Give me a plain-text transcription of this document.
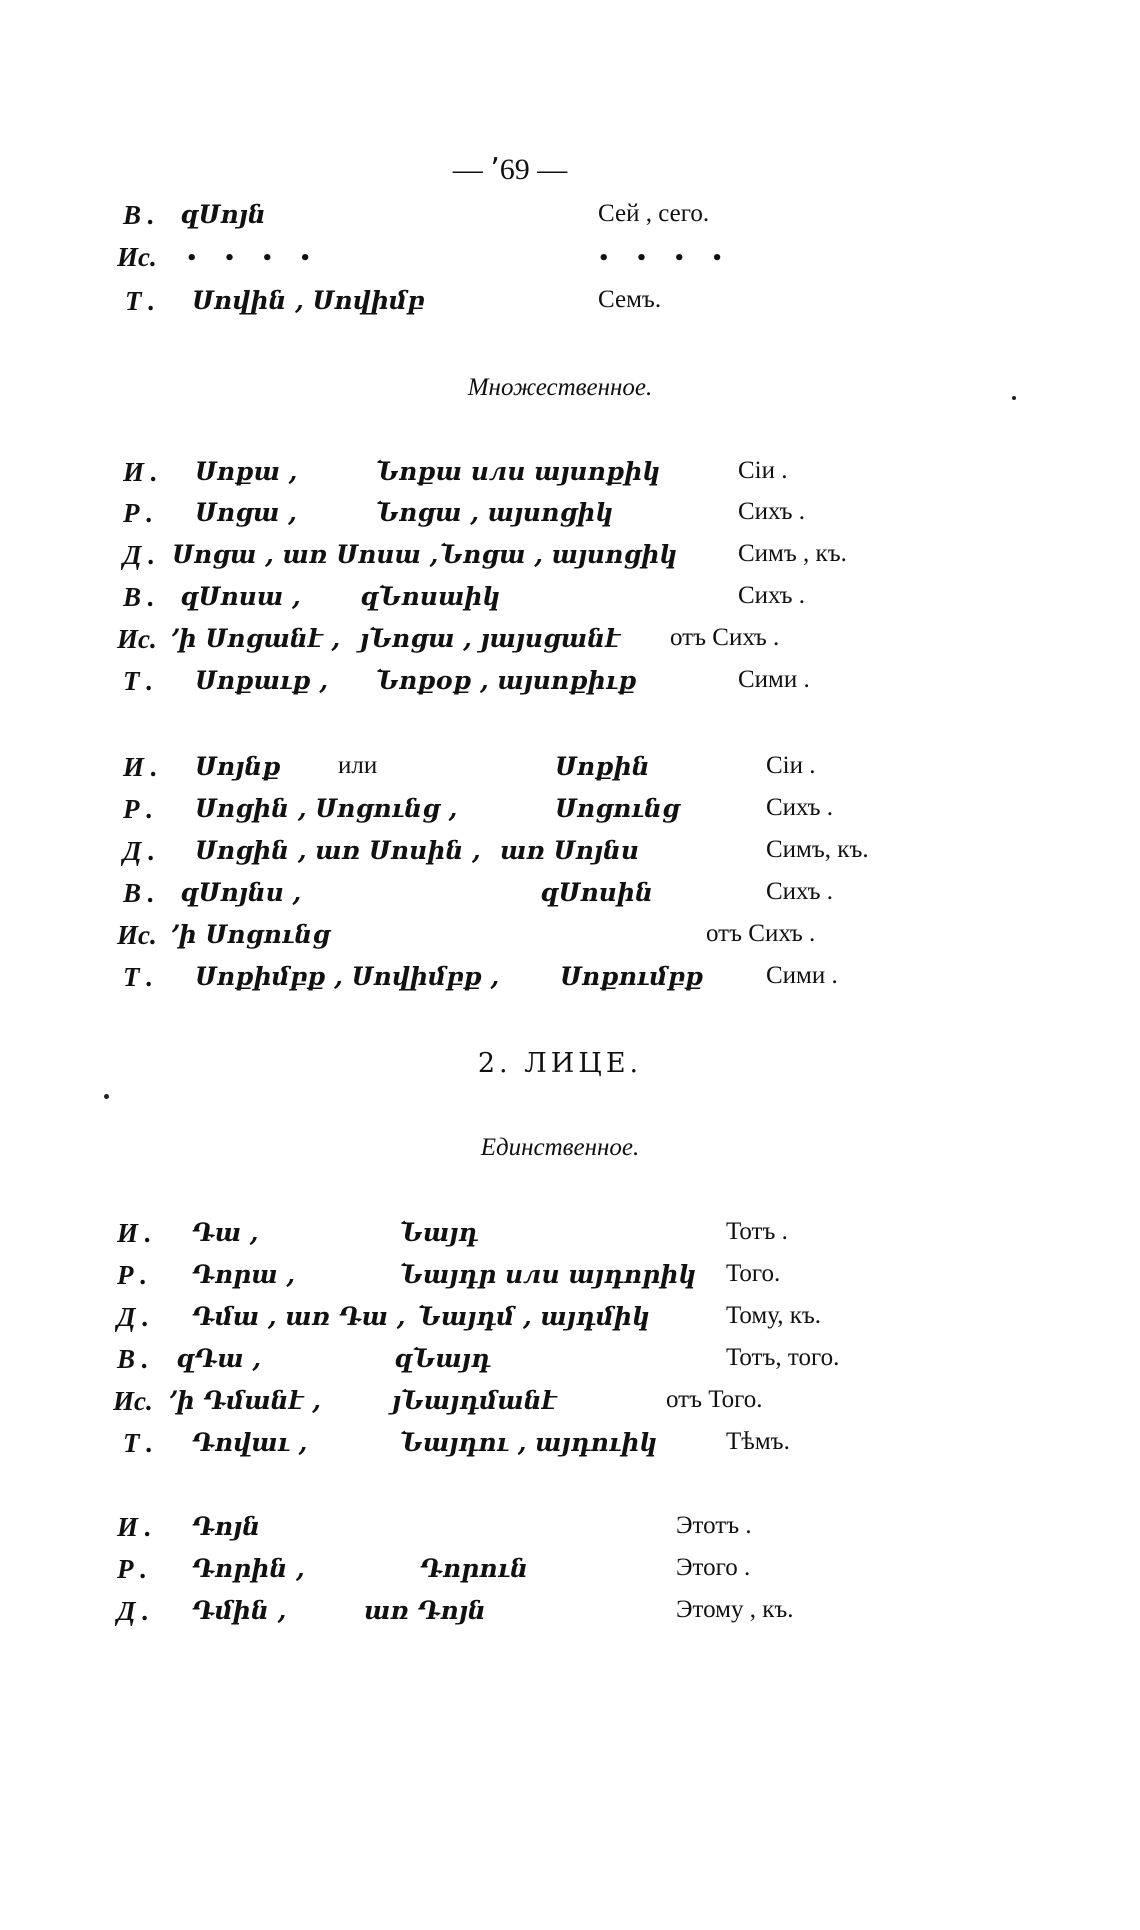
— ՚69 —
В . զՍոյն	Сей , сего.
Ис. • • • •	• • • •
Т . Սովին , Սովիմբ	Семъ.
Множественное.
И . Սոքա ,	Նոքա или այսոքիկ	Сiи .
Р . Սոցա ,	Նոցա , այսոցիկ	Сихъ .
Д . Սոցա , առ Սոսա , Նոցա , այսոցիկ Симъ , къ.
В . զՍոսա , զՆոսաիկ	Сихъ .
Ис. ՚ի Սոցանէ , յՆոցա , յայսցանէ отъ Сихъ .
Т . Սոքաւք , Նոքօք , այսոքիւք	Сими .
И . Սոյնք или	Սոքին	Сiи .
Р . Սոցին , Սոցունց ,	Սոցունց	Сихъ .
Д . Սոցին , առ Սոսին , առ Սոյնս	Симъ, къ.
В . զՍոյնս ,	զՍոսին	Сихъ .
Ис. ՚ի Սոցունց	отъ Сихъ .
Т . Սոքիմբք , Սովիմբք , Սոքումբք	Сими .
2. ЛИЦЕ.
Единственное.
И . Դա ,	Նայդ	Тотъ .
Р . Դորա ,	Նայդր или այդորիկ Того.
Д . Դմա , առ Դա , Նայդմ , այդմիկ	Тому, къ.
В . զԴա ,	զՆայդ	Тотъ, того.
Ис. ՚ի Դմանէ ,	յՆայդմանէ	отъ Того.
Т . Դովաւ ,	Նայդու , այդուիկ	Тѣмъ.
И . Դոյն	Этотъ .
Р . Դորին ,	Դորուն	Этого .
Д . Դմին ,	առ Դոյն	Этому , къ.
